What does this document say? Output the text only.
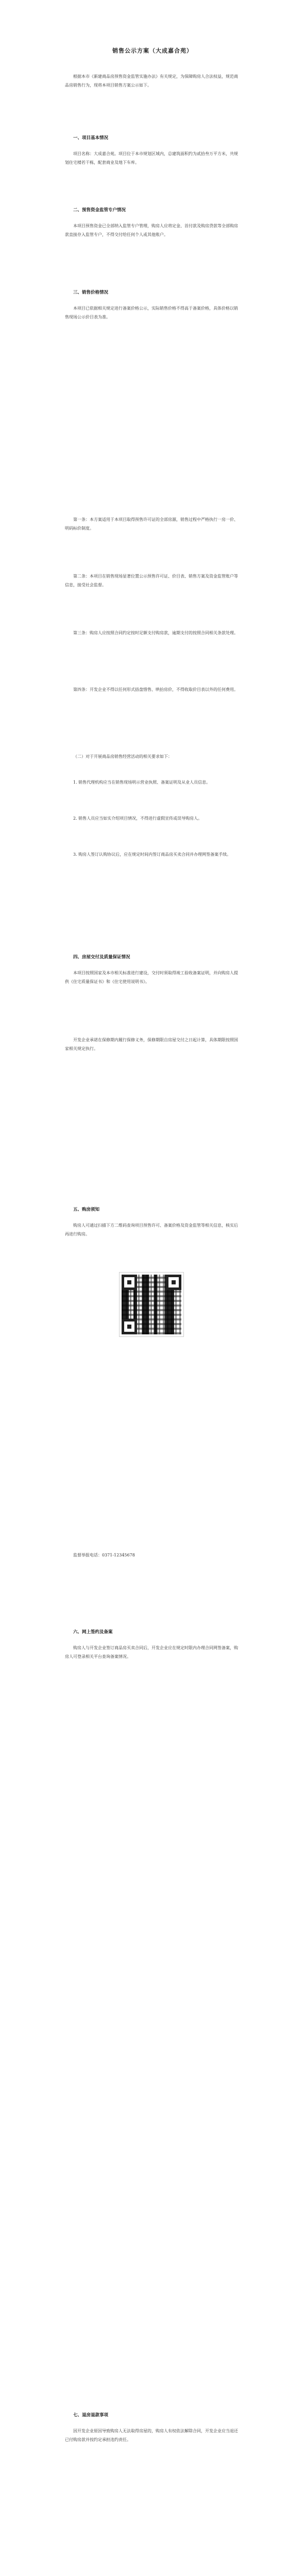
销售公示方案（大成嘉合苑）
根据本市《新建商品房预售资金监管实施办法》有关规定，为保障购房人合法权益，规范商品房销售行为，现将本项目销售方案公示如下。
一、项目基本情况
项目名称：大成嘉合苑。项目位于本市规划区域内，总建筑面积约为贰拾叁万平方米，共规划住宅楼若干栋，配套商业及地下车库。
二、预售资金监管专户情况
本项目预售资金已全部纳入监管专户管理，购房人应将定金、首付款及购房贷款等全部购房款直接存入监管专户，不得交付给任何个人或其他账户。
三、销售价格情况
本项目已依据相关规定进行备案价格公示，实际销售价格不得高于备案价格，具体价格以销售现场公示价目表为准。
第一条：本方案适用于本项目取得预售许可证的全部房源，销售过程中严格执行一房一价、明码标价制度。
第二条：本项目在销售现场显著位置公示预售许可证、价目表、销售方案及资金监管账户等信息，接受社会监督。
第三条：购房人应按照合同约定按时足额支付购房款，逾期支付的按照合同相关条款处理。
第四条：开发企业不得以任何形式捂盘惜售、哄抬房价，不得收取价目表以外的任何费用。
（二）对于开展商品房销售经营活动的相关要求如下：
1. 销售代理机构应当在销售现场明示营业执照、备案证明及从业人员信息。
2. 销售人员应当如实介绍项目情况，不得进行虚假宣传或误导购房人。
3. 购房人签订认购协议后，应在规定时间内签订商品房买卖合同并办理网签备案手续。
四、房屋交付及质量保证情况
本项目按照国家及本市相关标准进行建设，交付时须取得竣工验收备案证明，并向购房人提供《住宅质量保证书》和《住宅使用说明书》。
开发企业承诺在保修期内履行保修义务，保修期限自房屋交付之日起计算，具体期限按照国家相关规定执行。
五、购房须知
购房人可通过扫描下方二维码查询项目预售许可、备案价格及资金监管等相关信息，核实后再进行购房。
监督举报电话：0371-12345678
六、网上签约及备案
购房人与开发企业签订商品房买卖合同后，开发企业应在规定时限内办理合同网签备案，购房人可登录相关平台查询备案情况。
七、退房退款事项
因开发企业原因导致购房人无法取得房屋的，购房人有权依法解除合同，开发企业应当退还已付购房款并按约定承担违约责任。
